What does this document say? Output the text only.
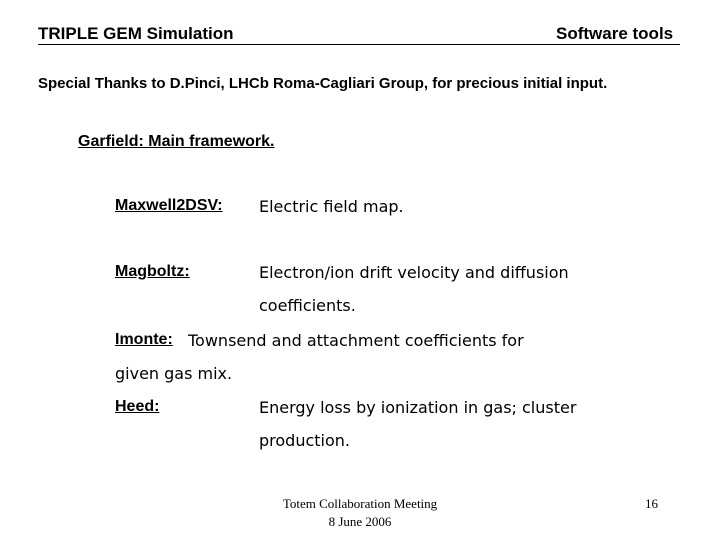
TRIPLE GEM Simulation	Software tools
Special Thanks to D.Pinci, LHCb Roma-Cagliari Group, for precious initial input.
Garfield: Main framework.
Maxwell2DSV: Electric field map.
Magboltz:	Electron/ion drift velocity and diffusion
coefficients.
Imonte: Townsend and attachment coefficients for
given gas mix.
Heed:	Energy loss by ionization in gas; cluster
production.
Totem Collaboration Meeting
8 June 2006
16
